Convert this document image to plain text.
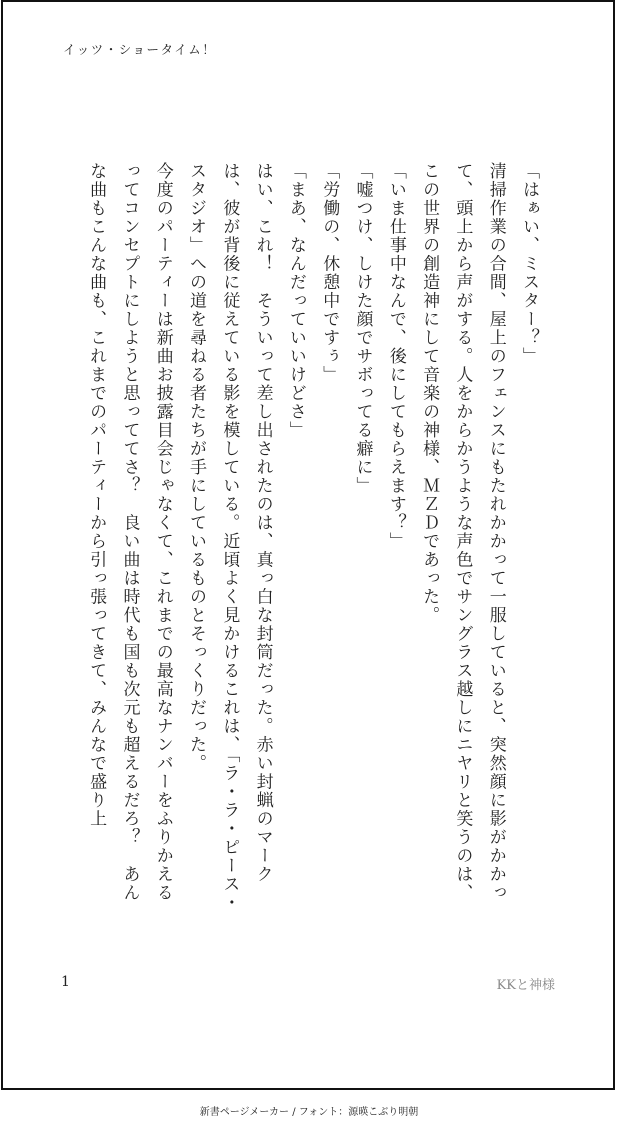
イッツ・ショータイム！

「はぁい、ミスター？」

清掃作業の合間、屋上のフェンスにもたれかかって一服していると、突然顔に影がかかって、頭上から声がする。人をからかうような声色でサングラス越しにニヤリと笑うのは、この世界の創造神にして音楽の神様、ＭＺＤであった。

「いま仕事中なんで、後にしてもらえます？」

「嘘つけ、しけた顔でサボってる癖に」

「労働の、休憩中ですぅ」

「まあ、なんだっていいけどさ」

はい、これ！　そういって差し出されたのは、真っ白な封筒だった。赤い封蝋のマークは、彼が背後に従えている影を模している。近頃よく見かけるこれは、「ラ・ラ・ピース・スタジオ」への道を尋ねる者たちが手にしているものとそっくりだった。

今度のパーティーは新曲お披露目会じゃなくて、これまでの最高なナンバーをふりかえるってコンセプトにしようと思っててさ？　良い曲は時代も国も次元も超えるだろ？　あんな曲もこんな曲も、これまでのパーティーから引っ張ってきて、みんなで盛り上

1	KKと神様
新書ページメーカー / フォント：源暎こぶり明朝
